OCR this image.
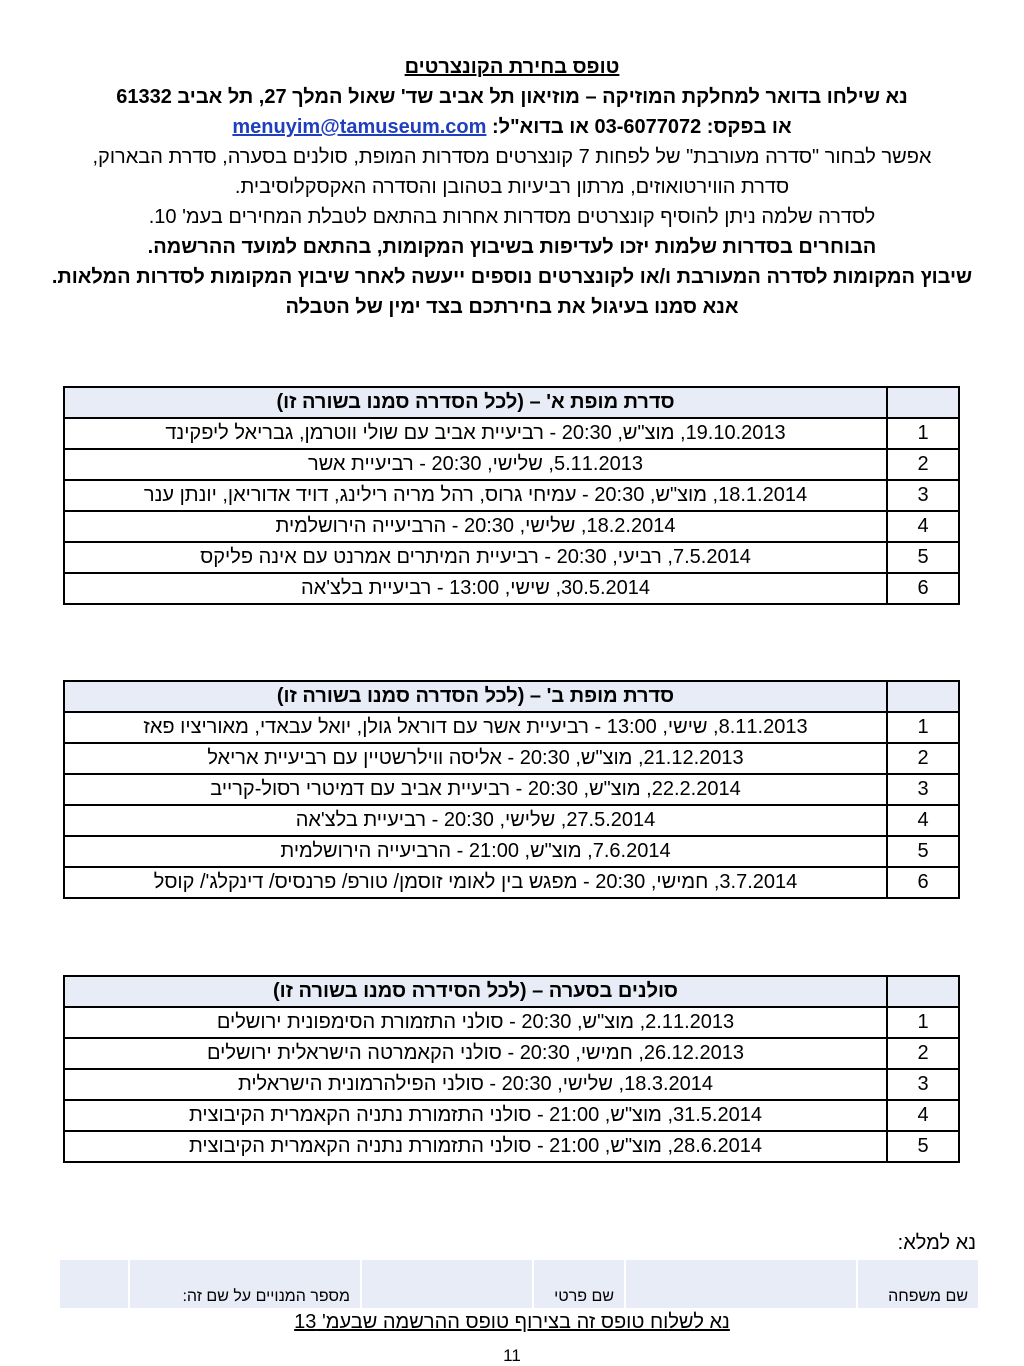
טופס בחירת הקונצרטים

נא שילחו בדואר למחלקת המוזיקה – מוזיאון תל אביב שד' שאול המלך 27, תל אביב 61332

או בפקס: 03-6077072 או בדוא"ל: menuyim@tamuseum.com

אפשר לבחור "סדרה מעורבת" של לפחות 7 קונצרטים מסדרות המופת, סולנים בסערה, סדרת הבארוק,

סדרת הווירטואוזים, מרתון רביעיות בטהובן והסדרה האקסקלוסיבית.

לסדרה שלמה ניתן להוסיף קונצרטים מסדרות אחרות בהתאם לטבלת המחירים בעמ' 10.

הבוחרים בסדרות שלמות יזכו לעדיפות בשיבוץ המקומות, בהתאם למועד ההרשמה.

שיבוץ המקומות לסדרה המעורבת ו/או לקונצרטים נוספים ייעשה לאחר שיבוץ המקומות לסדרות המלאות.

אנא סמנו בעיגול את בחירתכם בצד ימין של הטבלה

	סדרת מופת א' – (לכל הסדרה סמנו בשורה זו)
1	19.10.2013, מוצ"ש, 20:30 - רביעיית אביב עם שולי ווטרמן, גבריאל ליפקינד
2	5.11.2013, שלישי, 20:30 - רביעיית אשר
3	18.1.2014, מוצ"ש, 20:30 - עמיחי גרוס, רהל מריה רילינג, דויד אדוריאן, יונתן ענר
4	18.2.2014, שלישי, 20:30 - הרביעייה הירושלמית
5	7.5.2014, רביעי, 20:30 - רביעיית המיתרים אמרנט עם אינה פליקס
6	30.5.2014, שישי, 13:00 - רביעיית בלצ'אה
	סדרת מופת ב' – (לכל הסדרה סמנו בשורה זו)
1	8.11.2013, שישי, 13:00 - רביעיית אשר עם דוראל גולן, יואל עבאדי, מאוריציו פאז
2	21.12.2013, מוצ"ש, 20:30 - אליסה ווילרשטיין עם רביעיית אריאל
3	22.2.2014, מוצ"ש, 20:30 - רביעיית אביב עם דמיטרי רסול-קרייב
4	27.5.2014, שלישי, 20:30 - רביעיית בלצ'אה
5	7.6.2014, מוצ"ש, 21:00 - הרביעייה הירושלמית
6	3.7.2014, חמישי, 20:30 - מפגש בין לאומי זוסמן/ טורפ/ פרנסיס/ דינקלג'/ קוסל
	סולנים בסערה – (לכל הסידרה סמנו בשורה זו)
1	2.11.2013, מוצ"ש, 20:30 - סולני התזמורת הסימפונית ירושלים
2	26.12.2013, חמישי, 20:30 - סולני הקאמרטה הישראלית ירושלים
3	18.3.2014, שלישי, 20:30 - סולני הפילהרמונית הישראלית
4	31.5.2014, מוצ"ש, 21:00 - סולני התזמורת נתניה הקאמרית הקיבוצית
5	28.6.2014, מוצ"ש, 21:00 - סולני התזמורת נתניה הקאמרית הקיבוצית
נא למלא:
שם משפחה		שם פרטי		מספר המנויים על שם זה:	
נא לשלוח טופס זה בצירוף טופס ההרשמה שבעמ' 13
11
